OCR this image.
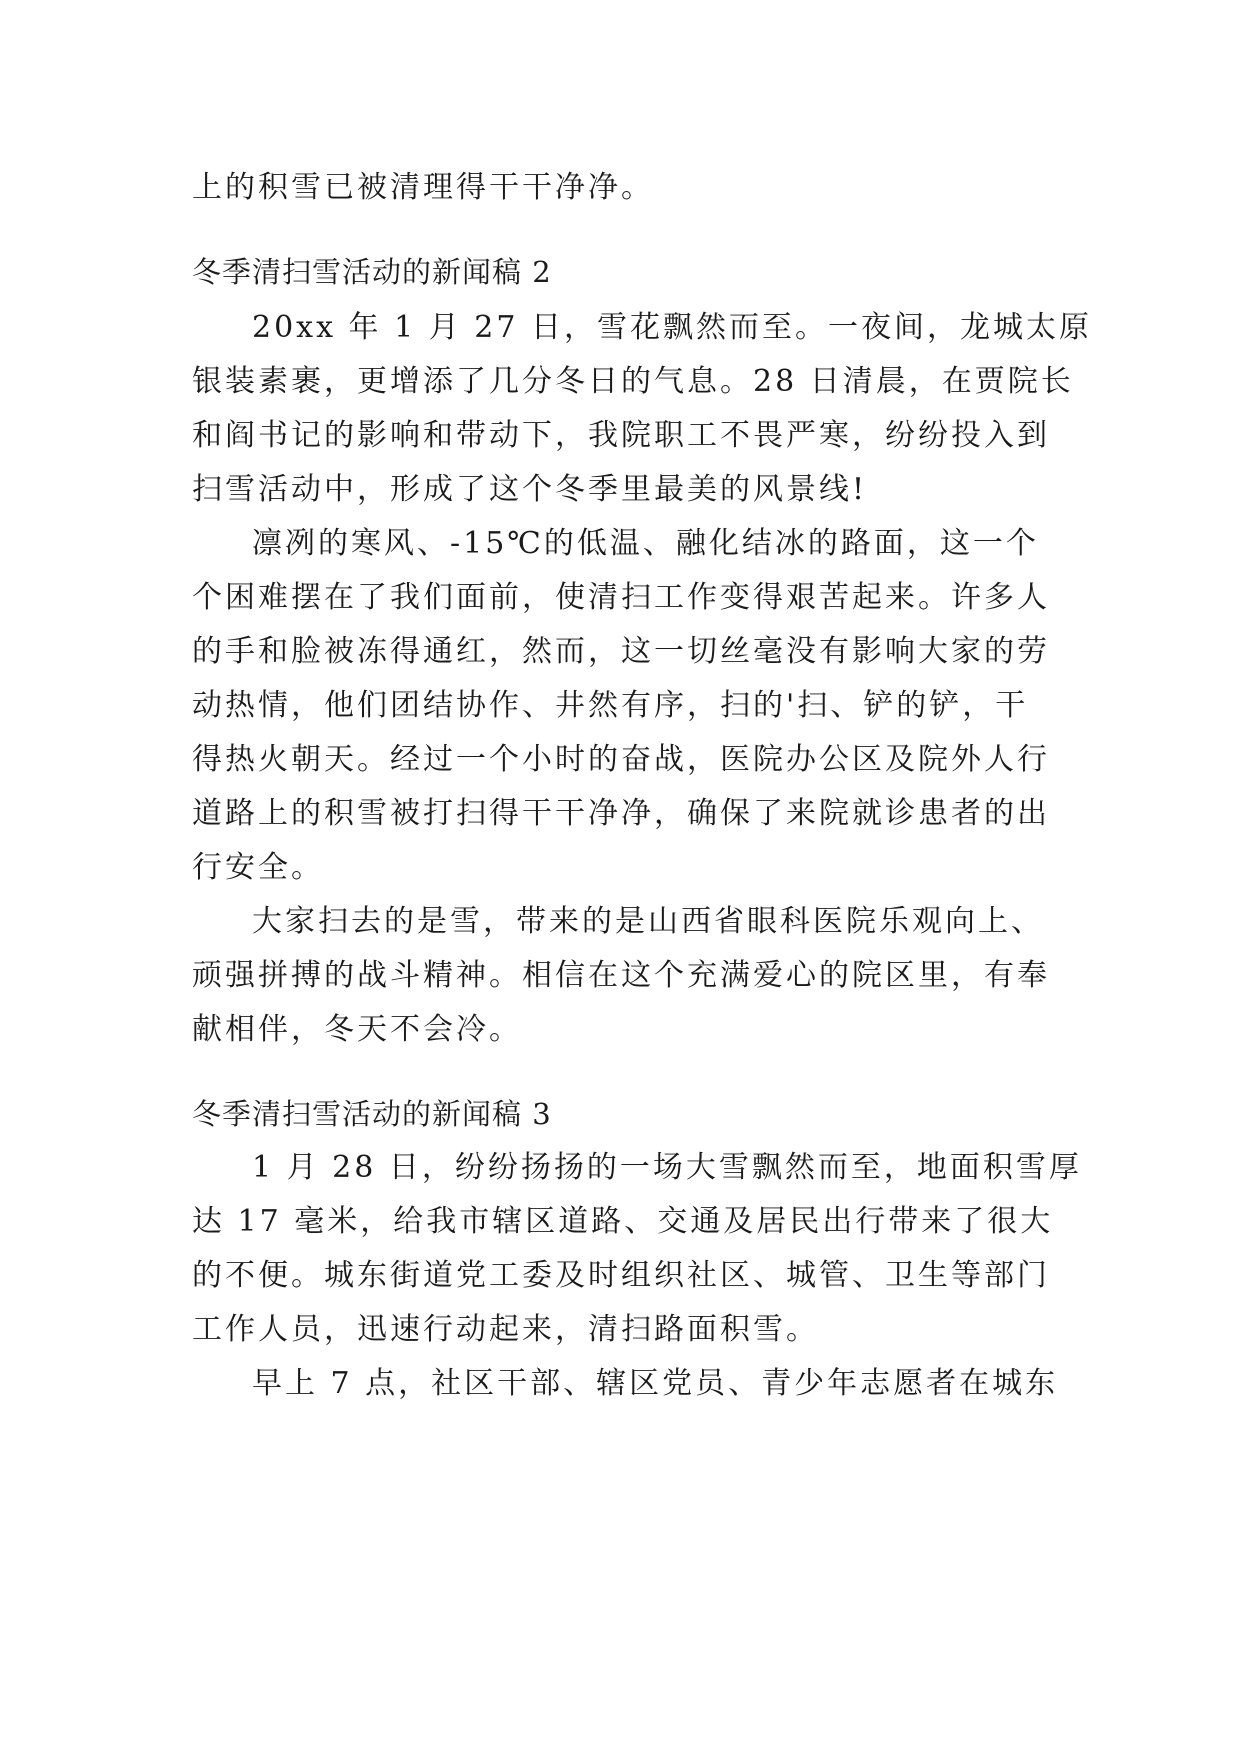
上的积雪已被清理得干干净净。
冬季清扫雪活动的新闻稿 2
20xx 年 1 月 27 日，雪花飘然而至。一夜间，龙城太原
银装素裹，更增添了几分冬日的气息。28 日清晨，在贾院长
和阎书记的影响和带动下，我院职工不畏严寒，纷纷投入到
扫雪活动中，形成了这个冬季里最美的风景线!
凛冽的寒风、-15℃的低温、融化结冰的路面，这一个
个困难摆在了我们面前，使清扫工作变得艰苦起来。许多人
的手和脸被冻得通红，然而，这一切丝毫没有影响大家的劳
动热情，他们团结协作、井然有序，扫的'扫、铲的铲，干
得热火朝天。经过一个小时的奋战，医院办公区及院外人行
道路上的积雪被打扫得干干净净，确保了来院就诊患者的出
行安全。
大家扫去的是雪，带来的是山西省眼科医院乐观向上、
顽强拼搏的战斗精神。相信在这个充满爱心的院区里，有奉
献相伴，冬天不会冷。
冬季清扫雪活动的新闻稿 3
1 月 28 日，纷纷扬扬的一场大雪飘然而至，地面积雪厚
达 17 毫米，给我市辖区道路、交通及居民出行带来了很大
的不便。城东街道党工委及时组织社区、城管、卫生等部门
工作人员，迅速行动起来，清扫路面积雪。
早上 7 点，社区干部、辖区党员、青少年志愿者在城东
